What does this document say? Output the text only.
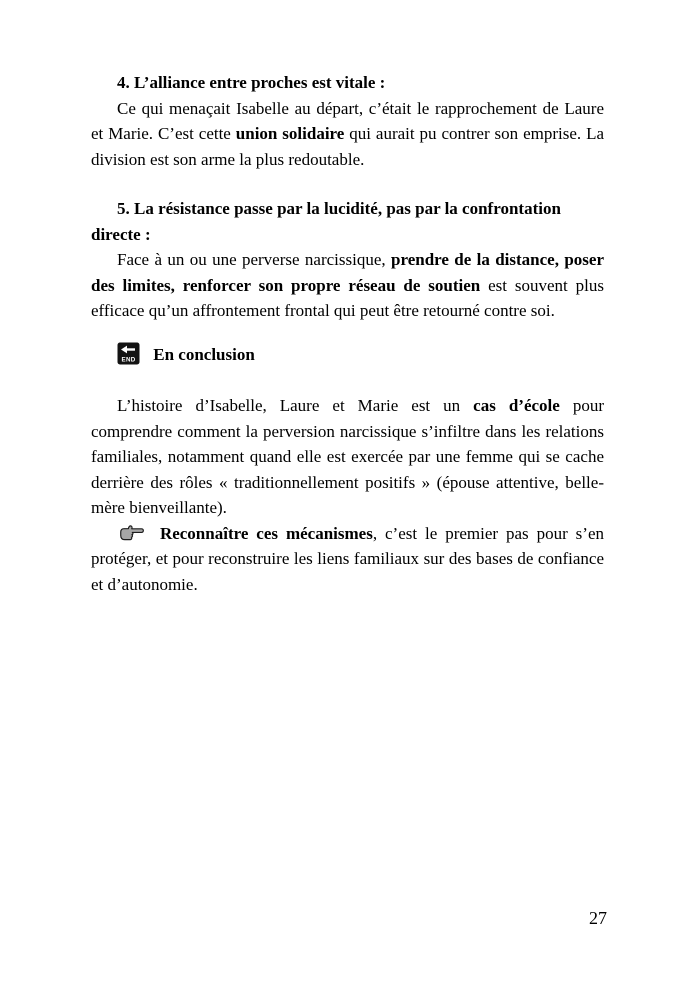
4. L’alliance entre proches est vitale :

Ce qui menaçait Isabelle au départ, c’était le rapprochement de Laure et Marie. C’est cette union solidaire qui aurait pu contrer son emprise. La division est son arme la plus redoutable.

5. La résistance passe par la lucidité, pas par la confrontation directe :

Face à un ou une perverse narcissique, prendre de la distance, poser des limites, renforcer son propre réseau de soutien est souvent plus efficace qu’un affrontement frontal qui peut être retourné contre soi.

END En conclusion

L’histoire d’Isabelle, Laure et Marie est un cas d’école pour comprendre comment la perversion narcissique s’infiltre dans les relations familiales, notamment quand elle est exercée par une femme qui se cache derrière des rôles « traditionnellement positifs » (épouse attentive, belle-mère bienveillante).

Reconnaître ces mécanismes, c’est le premier pas pour s’en protéger, et pour reconstruire les liens familiaux sur des bases de confiance et d’autonomie.

27
